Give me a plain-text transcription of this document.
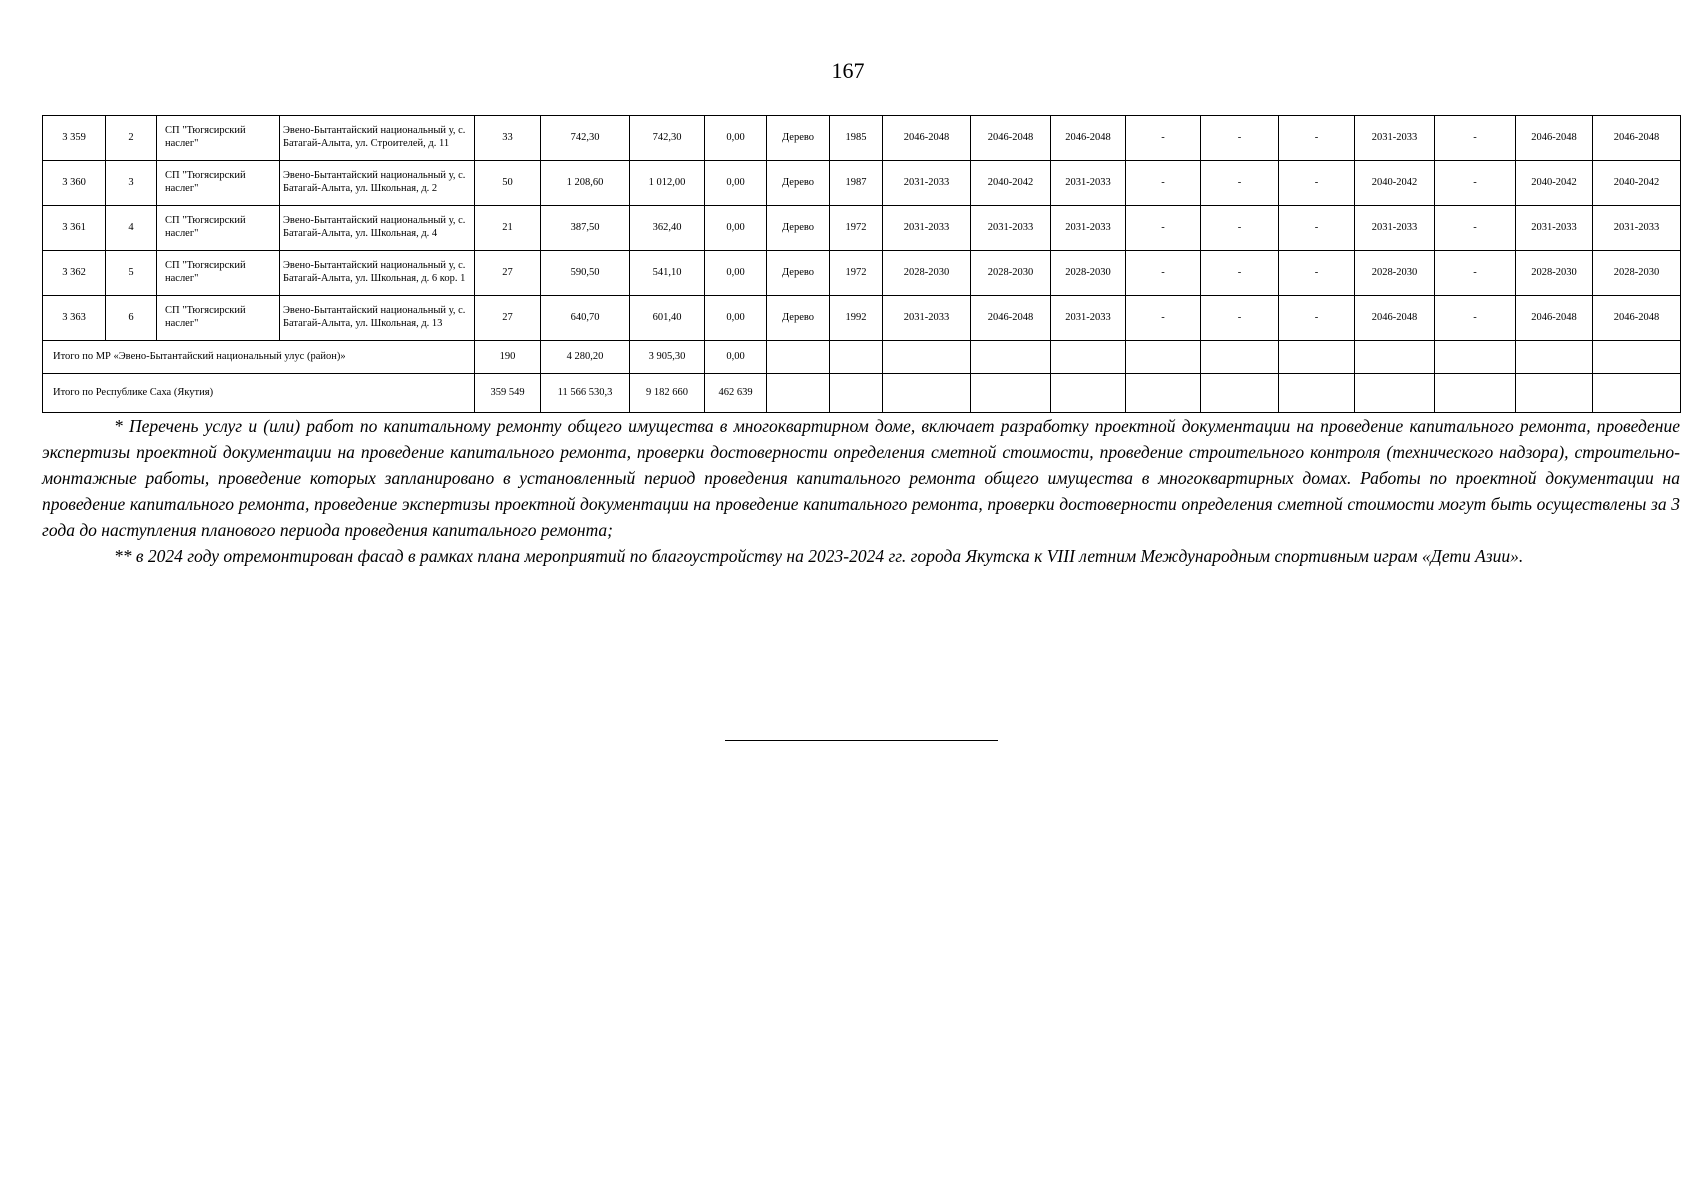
167
3 359	2	СП "Тюгясирский наслег"	Эвено-Бытантайский национальный у, с. Батагай-Алыта, ул. Строителей, д. 11	33	742,30	742,30	0,00	Дерево	1985	2046-2048	2046-2048	2046-2048	-	-	-	2031-2033	-	2046-2048	2046-2048
3 360	3	СП "Тюгясирский наслег"	Эвено-Бытантайский национальный у, с. Батагай-Алыта, ул. Школьная, д. 2	50	1 208,60	1 012,00	0,00	Дерево	1987	2031-2033	2040-2042	2031-2033	-	-	-	2040-2042	-	2040-2042	2040-2042
3 361	4	СП "Тюгясирский наслег"	Эвено-Бытантайский национальный у, с. Батагай-Алыта, ул. Школьная, д. 4	21	387,50	362,40	0,00	Дерево	1972	2031-2033	2031-2033	2031-2033	-	-	-	2031-2033	-	2031-2033	2031-2033
3 362	5	СП "Тюгясирский наслег"	Эвено-Бытантайский национальный у, с. Батагай-Алыта, ул. Школьная, д. 6 кор. 1	27	590,50	541,10	0,00	Дерево	1972	2028-2030	2028-2030	2028-2030	-	-	-	2028-2030	-	2028-2030	2028-2030
3 363	6	СП "Тюгясирский наслег"	Эвено-Бытантайский национальный у, с. Батагай-Алыта, ул. Школьная, д. 13	27	640,70	601,40	0,00	Дерево	1992	2031-2033	2046-2048	2031-2033	-	-	-	2046-2048	-	2046-2048	2046-2048
Итого по МР «Эвено-Бытантайский национальный улус (район)»				190	4 280,20	3 905,30	0,00												
Итого по Республике Саха (Якутия)				359 549	11 566 530,3	9 182 660	462 639												

* Перечень услуг и (или) работ по капитальному ремонту общего имущества в многоквартирном доме, включает разработку проектной документации на проведение капитального ремонта, проведение экспертизы проектной документации на проведение капитального ремонта, проверки достоверности определения сметной стоимости, проведение строительного контроля (технического надзора), строительно-монтажные работы, проведение которых запланировано в установленный период проведения капитального ремонта общего имущества в многоквартирных домах. Работы по проектной документации на проведение капитального ремонта, проведение экспертизы проектной документации на проведение капитального ремонта, проверки достоверности определения сметной стоимости могут быть осуществлены за 3 года до наступления планового периода проведения капитального ремонта;

** в 2024 году отремонтирован фасад в рамках плана мероприятий по благоустройству на 2023-2024 гг. города Якутска к VIII летним Международным спортивным играм «Дети Азии».
